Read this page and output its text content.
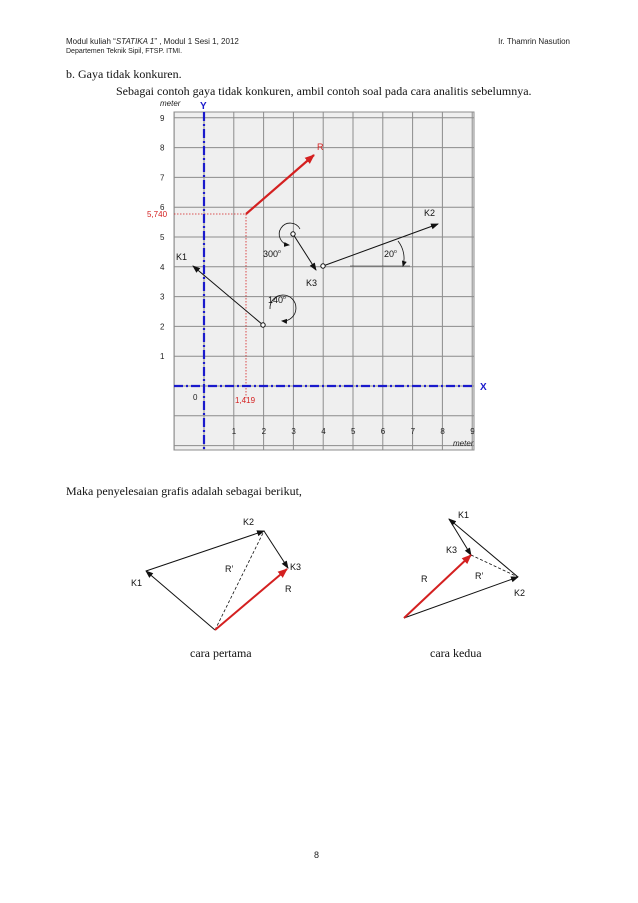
Modul kuliah “STATIKA 1” , Modul 1 Sesi 1, 2012
Departemen Teknik Sipil, FTSP. ITMI.
Ir. Thamrin Nasution
b. Gaya tidak konkuren.
Sebagai contoh gaya tidak konkuren, ambil contoh soal pada cara analitis sebelumnya.
meter
meter
1
2
3
4
5
6
7
8
9
1	2	3	4	5	6	7	8	9
5,740
1,419
Y
X
0
R
K1
140$^o$
K3
300$^o$
K2
20$^o$
Maka penyelesaian grafis adalah sebagai berikut,
K1
K2
K3
R
R’
K1
K2
K3
R	R’
cara pertama	cara kedua
8
